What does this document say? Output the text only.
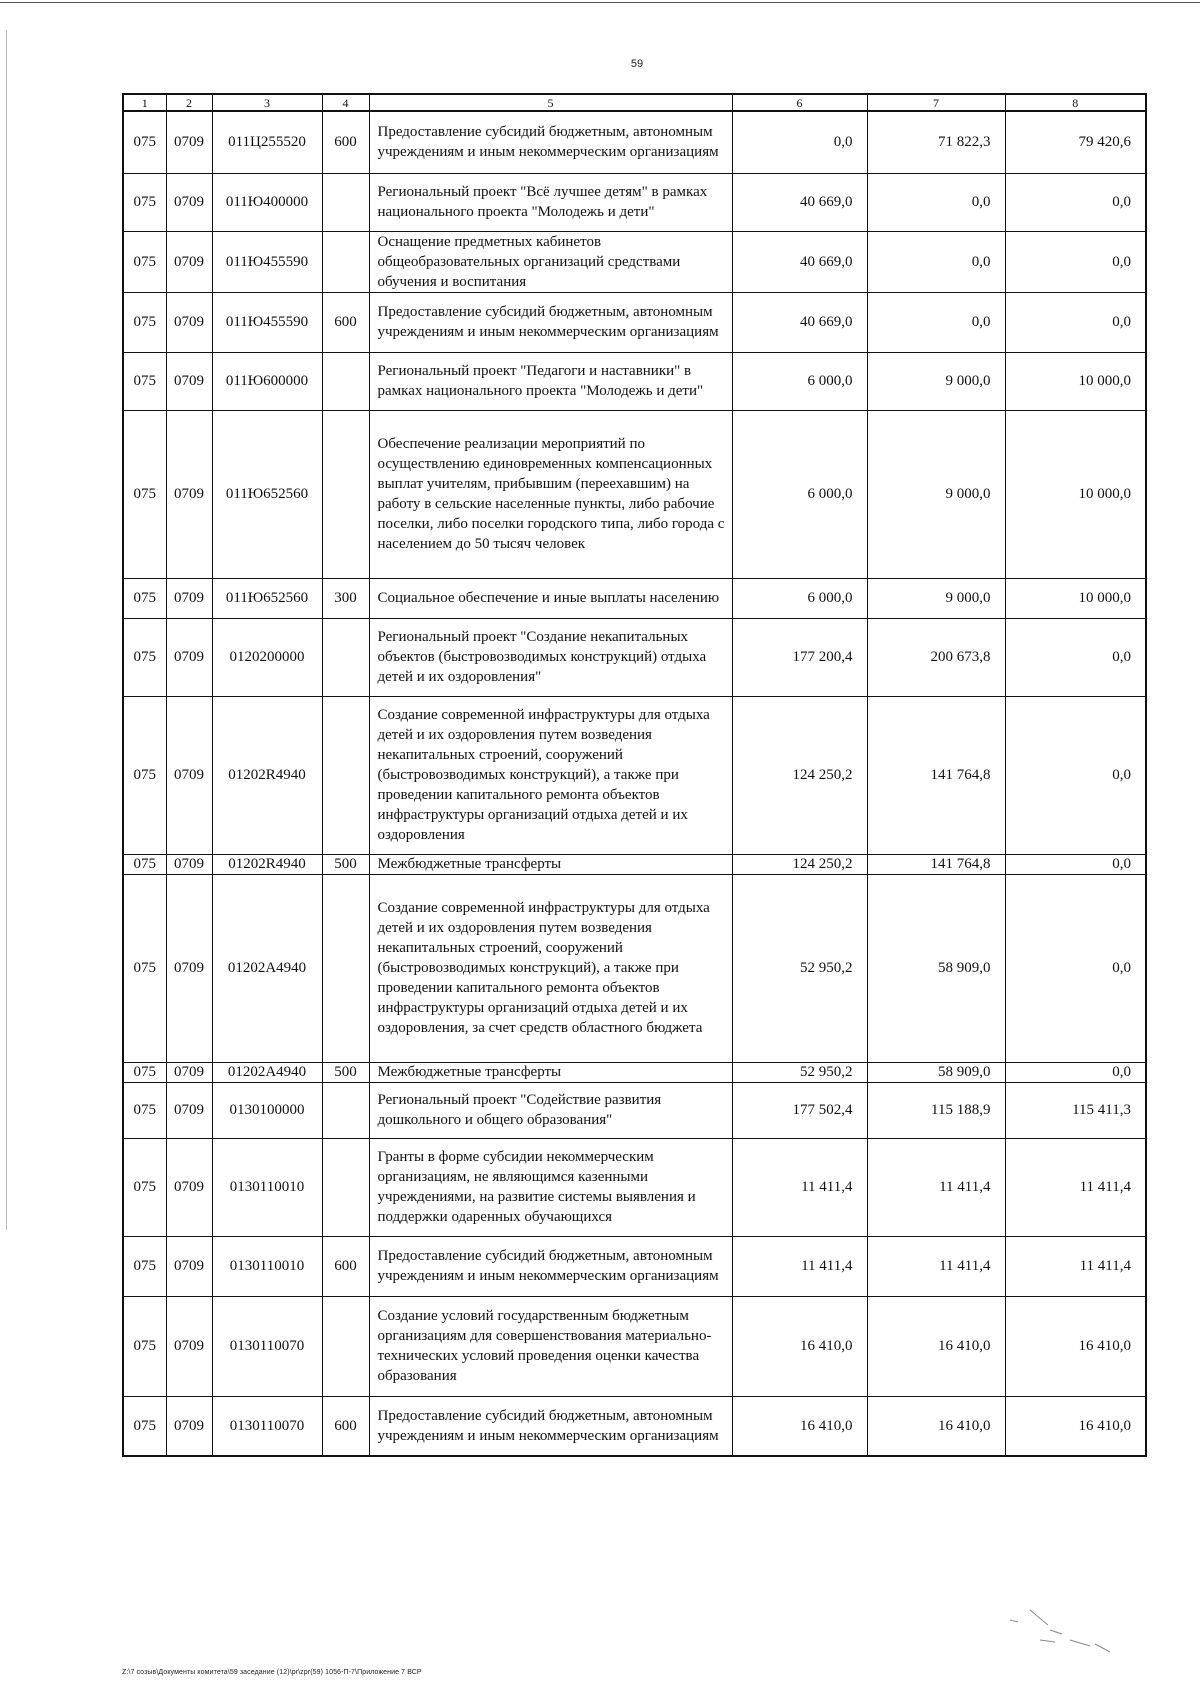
59
1	2	3	4	5	6	7	8
075	0709	011Ц255520	600	Предоставление субсидий бюджетным, автономным учреждениям и иным некоммерческим организациям	0,0	71 822,3	79 420,6
075	0709	011Ю400000		Региональный проект "Всё лучшее детям" в рамках национального проекта "Молодежь и дети"	40 669,0	0,0	0,0
075	0709	011Ю455590		Оснащение предметных кабинетов общеобразовательных организаций средствами обучения и воспитания	40 669,0	0,0	0,0
075	0709	011Ю455590	600	Предоставление субсидий бюджетным, автономным учреждениям и иным некоммерческим организациям	40 669,0	0,0	0,0
075	0709	011Ю600000		Региональный проект "Педагоги и наставники" в рамках национального проекта "Молодежь и дети"	6 000,0	9 000,0	10 000,0
075	0709	011Ю652560		Обеспечение реализации мероприятий по осуществлению единовременных компенсационных выплат учителям, прибывшим (переехавшим) на работу в сельские населенные пункты, либо рабочие поселки, либо поселки городского типа, либо города с населением до 50 тысяч человек	6 000,0	9 000,0	10 000,0
075	0709	011Ю652560	300	Социальное обеспечение и иные выплаты населению	6 000,0	9 000,0	10 000,0
075	0709	0120200000		Региональный проект "Создание некапитальных объектов (быстровозводимых конструкций) отдыха детей и их оздоровления"	177 200,4	200 673,8	0,0
075	0709	01202R4940		Создание современной инфраструктуры для отдыха детей и их оздоровления путем возведения некапитальных строений, сооружений (быстровозводимых конструкций), а также при проведении капитального ремонта объектов инфраструктуры организаций отдыха детей и их оздоровления	124 250,2	141 764,8	0,0
075	0709	01202R4940	500	Межбюджетные трансферты	124 250,2	141 764,8	0,0
075	0709	01202A4940		Создание современной инфраструктуры для отдыха детей и их оздоровления путем возведения некапитальных строений, сооружений (быстровозводимых конструкций), а также при проведении капитального ремонта объектов инфраструктуры организаций отдыха детей и их оздоровления, за счет средств областного бюджета	52 950,2	58 909,0	0,0
075	0709	01202A4940	500	Межбюджетные трансферты	52 950,2	58 909,0	0,0
075	0709	0130100000		Региональный проект "Содействие развития дошкольного и общего образования"	177 502,4	115 188,9	115 411,3
075	0709	0130110010		Гранты в форме субсидии некоммерческим организациям, не являющимся казенными учреждениями, на развитие системы выявления и поддержки одаренных обучающихся	11 411,4	11 411,4	11 411,4
075	0709	0130110010	600	Предоставление субсидий бюджетным, автономным учреждениям и иным некоммерческим организациям	11 411,4	11 411,4	11 411,4
075	0709	0130110070		Создание условий государственным бюджетным организациям для совершенствования материально-технических условий проведения оценки качества образования	16 410,0	16 410,0	16 410,0
075	0709	0130110070	600	Предоставление субсидий бюджетным, автономным учреждениям и иным некоммерческим организациям	16 410,0	16 410,0	16 410,0
Z:\7 созыв\Документы комитета\59 заседание (12)\pr\zpr(59) 1056-П-7\Приложение 7 ВСР
